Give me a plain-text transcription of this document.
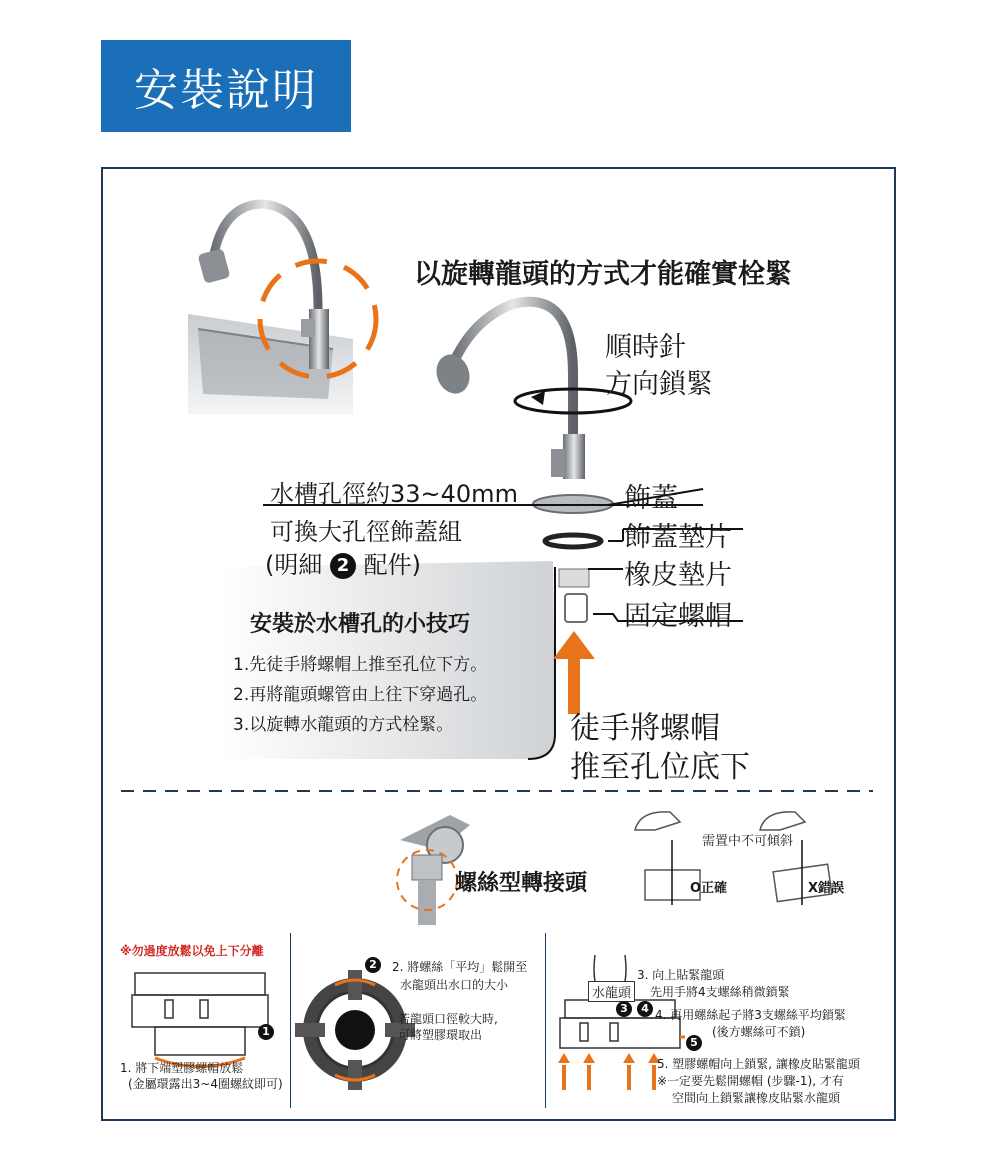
安裝說明
以旋轉龍頭的方式才能確實栓緊
順時針
方向鎖緊
水槽孔徑約33~40mm
可換大孔徑飾蓋組
(明細 2 配件)
飾蓋
飾蓋墊片
橡皮墊片
固定螺帽
安裝於水槽孔的小技巧
1.先徒手將螺帽上推至孔位下方。
2.再將龍頭螺管由上往下穿過孔。
3.以旋轉水龍頭的方式栓緊。	徒手將螺帽
推至孔位底下
螺絲型轉接頭
需置中不可傾斜
O正確	X錯誤
※勿過度放鬆以免上下分離
1
1. 將下端塑膠螺帽放鬆
(金屬環露出3~4圈螺紋即可)
2	2. 將螺絲「平均」鬆開至
水龍頭出水口的大小
若龍頭口徑較大時,
可將塑膠環取出
水龍頭
3 4
3. 向上貼緊龍頭
先用手將4支螺絲稍微鎖緊
4. 再用螺絲起子將3支螺絲平均鎖緊
(後方螺絲可不鎖)
5
5. 塑膠螺帽向上鎖緊, 讓橡皮貼緊龍頭
※一定要先鬆開螺帽 (步驟-1), 才有
空間向上鎖緊讓橡皮貼緊水龍頭
